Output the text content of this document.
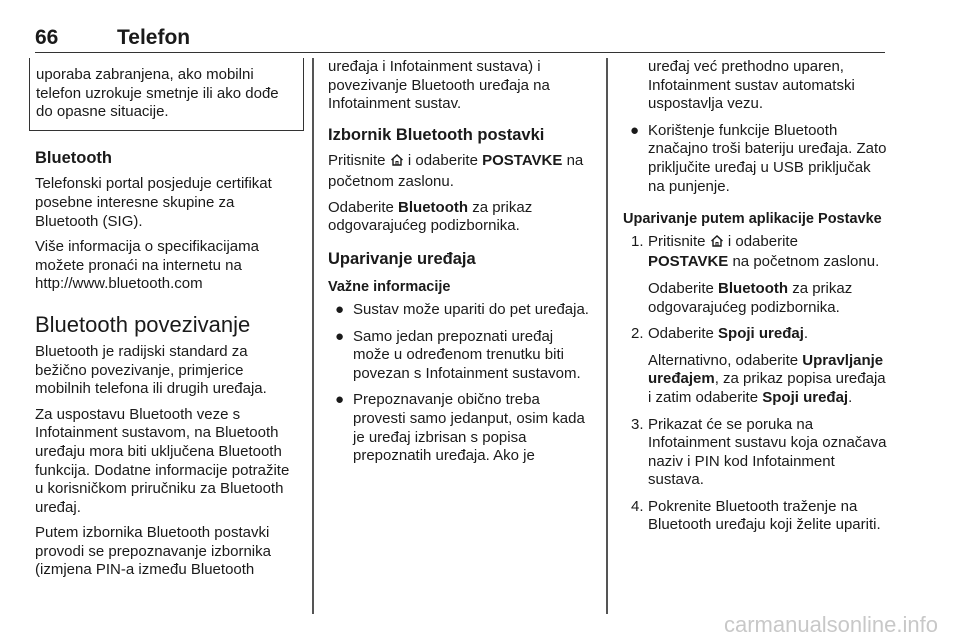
66	Telefon
uporaba zabranjena, ako mobilni telefon uzrokuje smetnje ili ako dođe do opasne situacije.
Bluetooth

Telefonski portal posjeduje certifikat posebne interesne skupine za Bluetooth (SIG).

Više informacija o specifikacijama možete pronaći na internetu na http://www.bluetooth.com

Bluetooth povezivanje

Bluetooth je radijski standard za bežično povezivanje, primjerice mobilnih telefona ili drugih uređaja.

Za uspostavu Bluetooth veze s Infotainment sustavom, na Bluetooth uređaju mora biti uključena Bluetooth funkcija. Dodatne informacije potražite u korisničkom priručniku za Bluetooth uređaj.

Putem izbornika Bluetooth postavki provodi se prepoznavanje izbornika (izmjena PIN-a između Bluetooth

uređaja i Infotainment sustava) i povezivanje Bluetooth uređaja na Infotainment sustav.

Izbornik Bluetooth postavki

Pritisnite i odaberite POSTAVKE na početnom zaslonu.

Odaberite Bluetooth za prikaz odgovarajućeg podizbornika.

Uparivanje uređaja
Važne informacije
● Sustav može upariti do pet uređaja.
● Samo jedan prepoznati uređaj može u određenom trenutku biti povezan s Infotainment sustavom.
● Prepoznavanje obično treba provesti samo jedanput, osim kada je uređaj izbrisan s popisa prepoznatih uređaja. Ako je
uređaj već prethodno uparen, Infotainment sustav automatski uspostavlja vezu.
● Korištenje funkcije Bluetooth značajno troši bateriju uređaja. Zato priključite uređaj u USB priključak na punjenje.
Uparivanje putem aplikacije Postavke
1. Pritisnite i odaberite
POSTAVKE na početnom zaslonu.
Odaberite Bluetooth za prikaz odgovarajućeg podizbornika.
2. Odaberite Spoji uređaj.
Alternativno, odaberite Upravljanje uređajem, za prikaz popisa uređaja i zatim odaberite Spoji uređaj.
3. Prikazat će se poruka na Infotainment sustavu koja označava naziv i PIN kod Infotainment sustava.
4. Pokrenite Bluetooth traženje na Bluetooth uređaju koji želite upariti.
carmanualsonline.info
